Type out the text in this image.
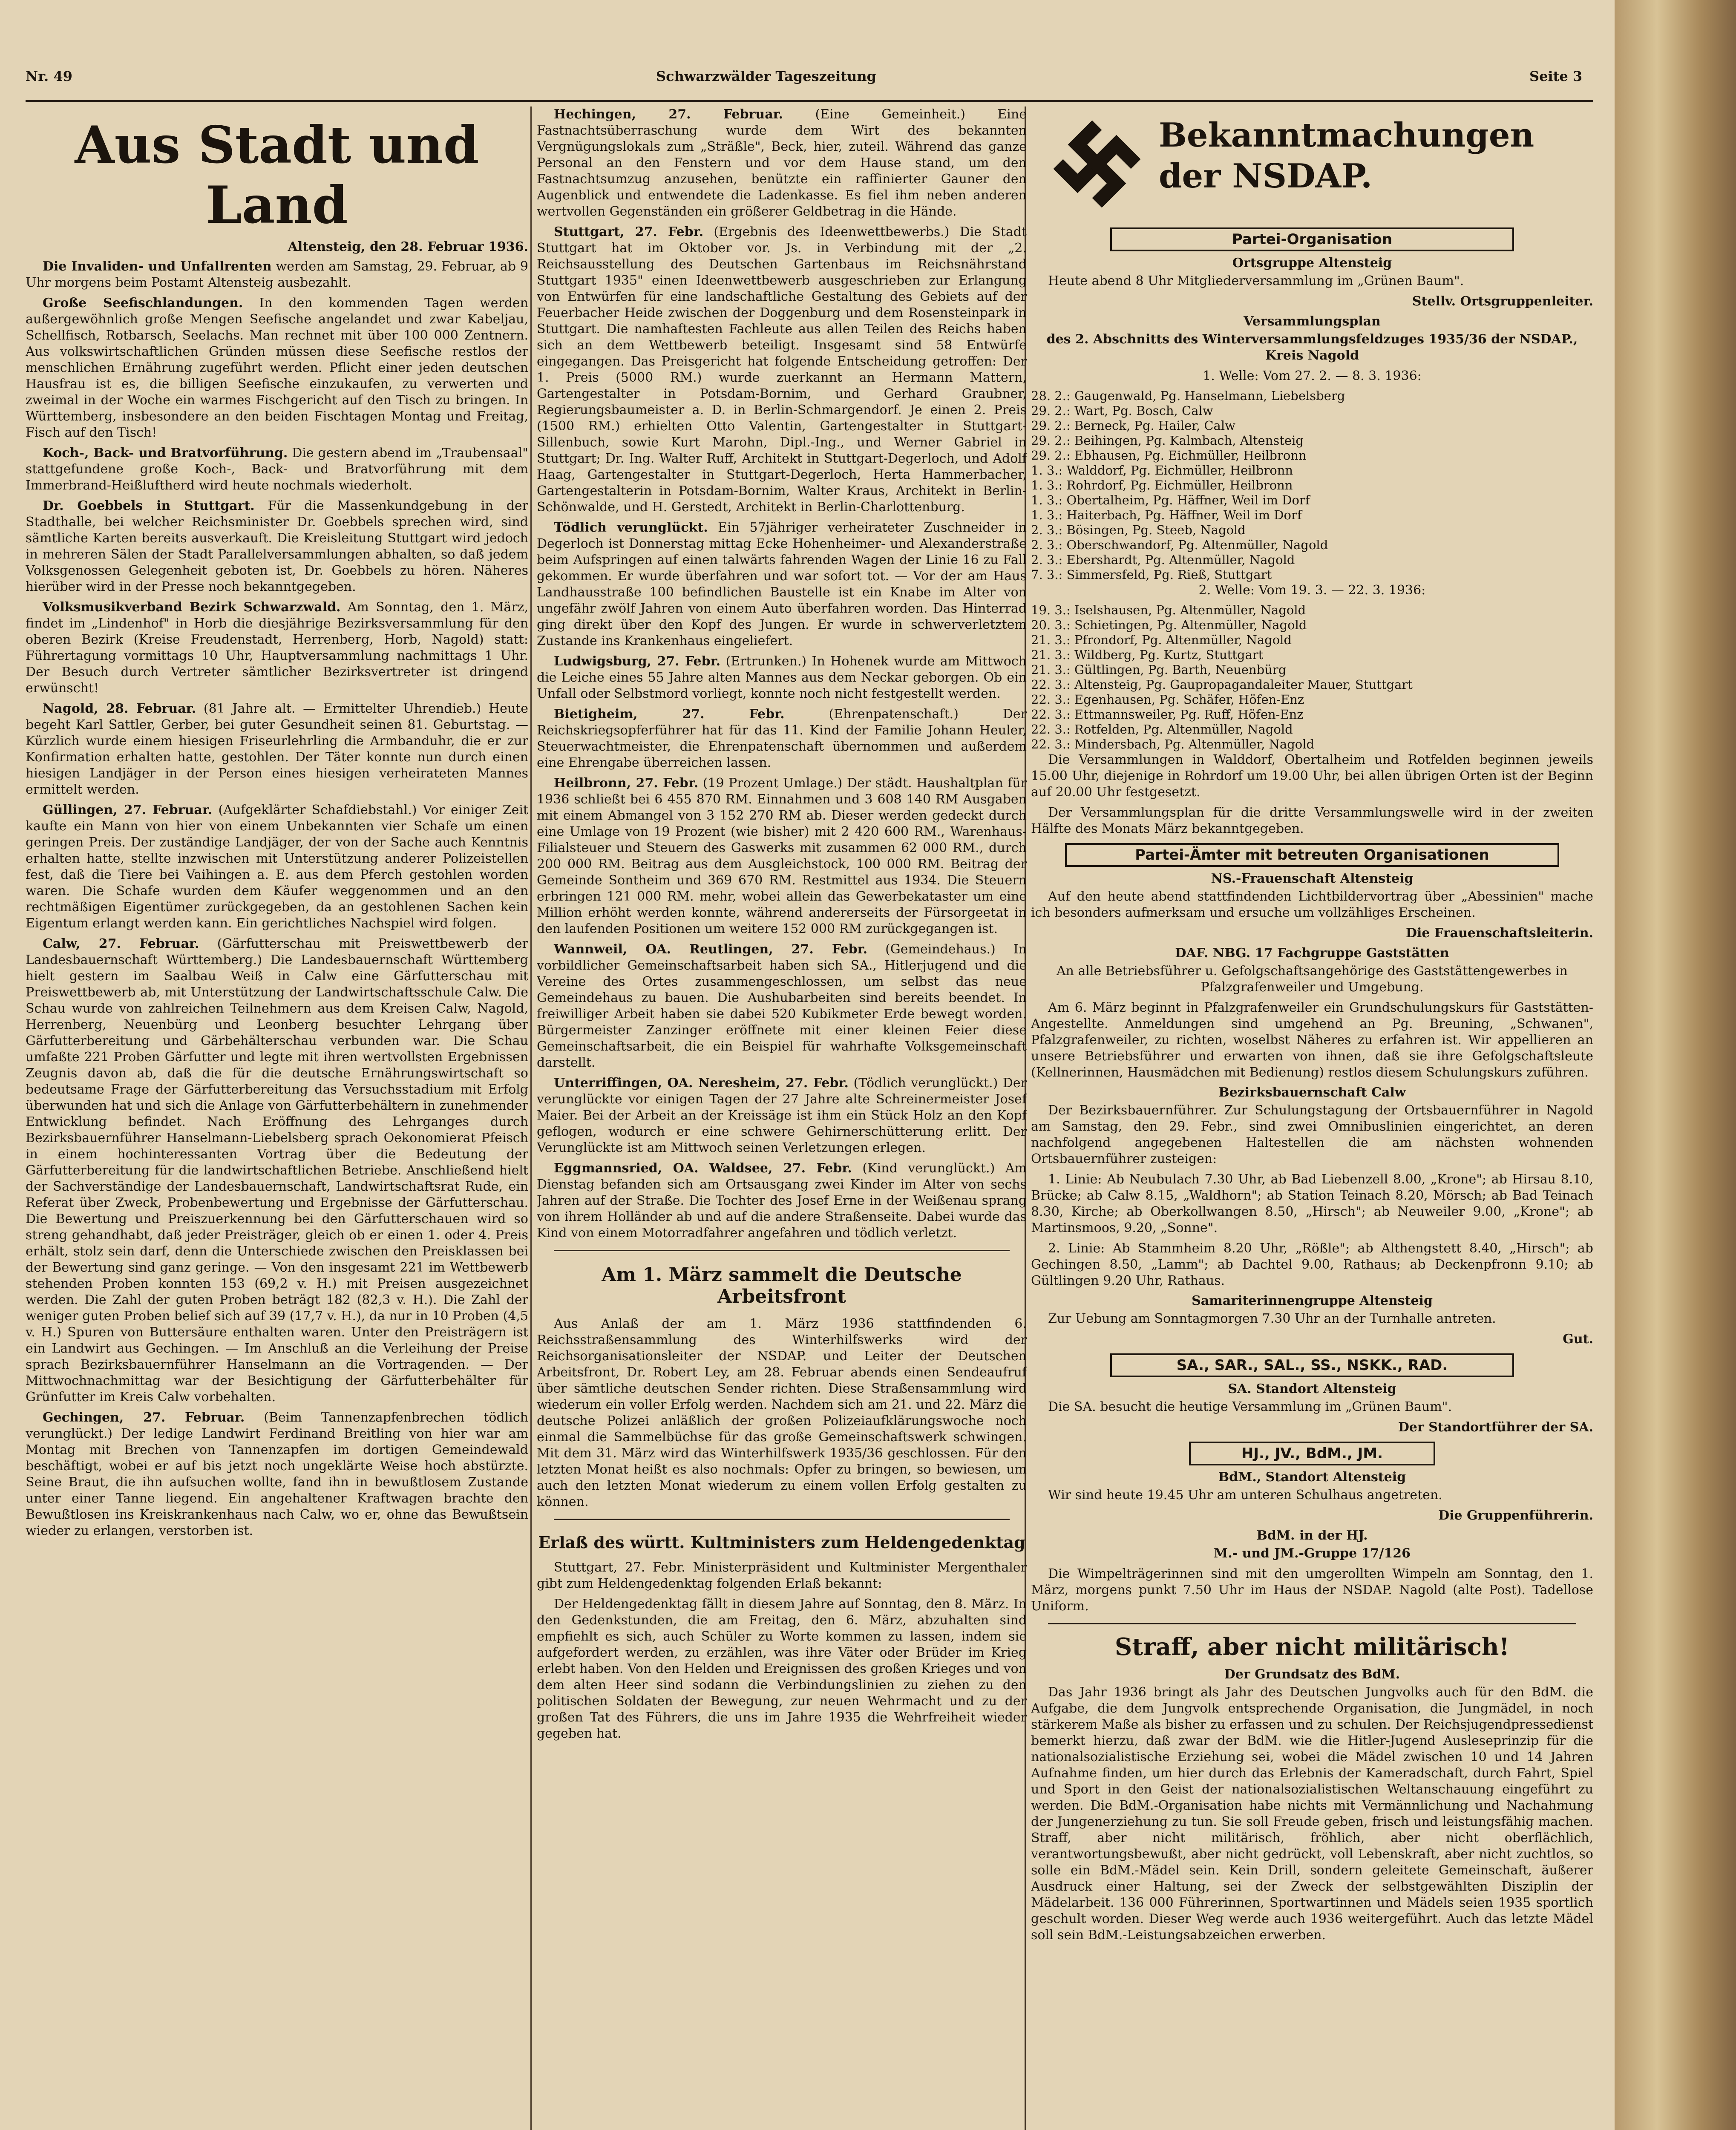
Nr. 49	Schwarzwälder Tageszeitung	Seite 3
Aus Stadt und Land
Altensteig, den 28. Februar 1936.

Die Invaliden- und Unfallrenten werden am Samstag, 29. Februar, ab 9 Uhr morgens beim Postamt Altensteig ausbezahlt.

Große Seefischlandungen. In den kommenden Tagen werden außergewöhnlich große Mengen Seefische angelandet und zwar Kabeljau, Schellfisch, Rotbarsch, Seelachs. Man rechnet mit über 100 000 Zentnern. Aus volkswirtschaftlichen Gründen müssen diese Seefische restlos der menschlichen Ernährung zugeführt werden. Pflicht einer jeden deutschen Hausfrau ist es, die billigen Seefische einzukaufen, zu verwerten und zweimal in der Woche ein warmes Fischgericht auf den Tisch zu bringen. In Württemberg, insbesondere an den beiden Fischtagen Montag und Freitag, Fisch auf den Tisch!

Koch-, Back- und Bratvorführung. Die gestern abend im „Traubensaal" stattgefundene große Koch-, Back- und Bratvorführung mit dem Immerbrand-Heißluftherd wird heute nochmals wiederholt.

Dr. Goebbels in Stuttgart. Für die Massenkundgebung in der Stadthalle, bei welcher Reichsminister Dr. Goebbels sprechen wird, sind sämtliche Karten bereits ausverkauft. Die Kreisleitung Stuttgart wird jedoch in mehreren Sälen der Stadt Parallelversammlungen abhalten, so daß jedem Volksgenossen Gelegenheit geboten ist, Dr. Goebbels zu hören. Näheres hierüber wird in der Presse noch bekanntgegeben.

Volksmusikverband Bezirk Schwarzwald. Am Sonntag, den 1. März, findet im „Lindenhof" in Horb die diesjährige Bezirksversammlung für den oberen Bezirk (Kreise Freudenstadt, Herrenberg, Horb, Nagold) statt: Führertagung vormittags 10 Uhr, Hauptversammlung nachmittags 1 Uhr. Der Besuch durch Vertreter sämtlicher Bezirksvertreter ist dringend erwünscht!

Nagold, 28. Februar. (81 Jahre alt. — Ermittelter Uhrendieb.) Heute begeht Karl Sattler, Gerber, bei guter Gesundheit seinen 81. Geburtstag. — Kürzlich wurde einem hiesigen Friseurlehrling die Armbanduhr, die er zur Konfirmation erhalten hatte, gestohlen. Der Täter konnte nun durch einen hiesigen Landjäger in der Person eines hiesigen verheirateten Mannes ermittelt werden.

Güllingen, 27. Februar. (Aufgeklärter Schafdiebstahl.) Vor einiger Zeit kaufte ein Mann von hier von einem Unbekannten vier Schafe um einen geringen Preis. Der zuständige Landjäger, der von der Sache auch Kenntnis erhalten hatte, stellte inzwischen mit Unterstützung anderer Polizeistellen fest, daß die Tiere bei Vaihingen a. E. aus dem Pferch gestohlen worden waren. Die Schafe wurden dem Käufer weggenommen und an den rechtmäßigen Eigentümer zurückgegeben, da an gestohlenen Sachen kein Eigentum erlangt werden kann. Ein gerichtliches Nachspiel wird folgen.

Calw, 27. Februar. (Gärfutterschau mit Preiswettbewerb der Landesbauernschaft Württemberg.) Die Landesbauernschaft Württemberg hielt gestern im Saalbau Weiß in Calw eine Gärfutterschau mit Preiswettbewerb ab, mit Unterstützung der Landwirtschaftsschule Calw. Die Schau wurde von zahlreichen Teilnehmern aus dem Kreisen Calw, Nagold, Herrenberg, Neuenbürg und Leonberg besuchter Lehrgang über Gärfutterbereitung und Gärbehälterschau verbunden war. Die Schau umfaßte 221 Proben Gärfutter und legte mit ihren wertvollsten Ergebnissen Zeugnis davon ab, daß die für die deutsche Ernährungswirtschaft so bedeutsame Frage der Gärfutterbereitung das Versuchsstadium mit Erfolg überwunden hat und sich die Anlage von Gärfutterbehältern in zunehmender Entwicklung befindet. Nach Eröffnung des Lehrganges durch Bezirksbauernführer Hanselmann-Liebelsberg sprach Oekonomierat Pfeisch in einem hochinteressanten Vortrag über die Bedeutung der Gärfutterbereitung für die landwirtschaftlichen Betriebe. Anschließend hielt der Sachverständige der Landesbauernschaft, Landwirtschaftsrat Rude, ein Referat über Zweck, Probenbewertung und Ergebnisse der Gärfutterschau. Die Bewertung und Preiszuerkennung bei den Gärfutterschauen wird so streng gehandhabt, daß jeder Preisträger, gleich ob er einen 1. oder 4. Preis erhält, stolz sein darf, denn die Unterschiede zwischen den Preisklassen bei der Bewertung sind ganz geringe. — Von den insgesamt 221 im Wettbewerb stehenden Proben konnten 153 (69,2 v. H.) mit Preisen ausgezeichnet werden. Die Zahl der guten Proben beträgt 182 (82,3 v. H.). Die Zahl der weniger guten Proben belief sich auf 39 (17,7 v. H.), da nur in 10 Proben (4,5 v. H.) Spuren von Buttersäure enthalten waren. Unter den Preisträgern ist ein Landwirt aus Gechingen. — Im Anschluß an die Verleihung der Preise sprach Bezirksbauernführer Hanselmann an die Vortragenden. — Der Mittwochnachmittag war der Besichtigung der Gärfutterbehälter für Grünfutter im Kreis Calw vorbehalten.

Gechingen, 27. Februar. (Beim Tannenzapfenbrechen tödlich verunglückt.) Der ledige Landwirt Ferdinand Breitling von hier war am Montag mit Brechen von Tannenzapfen im dortigen Gemeindewald beschäftigt, wobei er auf bis jetzt noch ungeklärte Weise hoch abstürzte. Seine Braut, die ihn aufsuchen wollte, fand ihn in bewußtlosem Zustande unter einer Tanne liegend. Ein angehaltener Kraftwagen brachte den Bewußtlosen ins Kreiskrankenhaus nach Calw, wo er, ohne das Bewußtsein wieder zu erlangen, verstorben ist.

Hechingen, 27. Februar.	(Eine Gemeinheit.) Eine Fastnachtsüberraschung wurde dem Wirt des bekannten Vergnügungslokals zum „Sträßle", Beck, hier, zuteil. Während das ganze Personal an den Fenstern und vor dem Hause stand, um den Fastnachtsumzug anzusehen, benützte ein raffinierter Gauner den Augenblick und entwendete die Ladenkasse. Es fiel ihm neben anderen wertvollen Gegenständen ein größerer Geldbetrag in die Hände.

Stuttgart, 27. Febr. (Ergebnis des Ideenwettbewerbs.) Die Stadt Stuttgart hat im Oktober vor. Js. in Verbindung mit der „2. Reichsausstellung des Deutschen Gartenbaus im Reichsnährstand Stuttgart 1935" einen Ideenwettbewerb ausgeschrieben zur Erlangung von Entwürfen für eine landschaftliche Gestaltung des Gebiets auf der Feuerbacher Heide zwischen der Doggenburg und dem Rosensteinpark in Stuttgart. Die namhaftesten Fachleute aus allen Teilen des Reichs haben sich an dem Wettbewerb beteiligt. Insgesamt sind 58 Entwürfe eingegangen. Das Preisgericht hat folgende Entscheidung getroffen: Der 1. Preis (5000 RM.) wurde zuerkannt an Hermann Mattern, Gartengestalter in Potsdam-Bornim, und Gerhard Graubner, Regierungsbaumeister a. D. in Berlin-Schmargendorf. Je einen 2. Preis (1500 RM.) erhielten Otto Valentin, Gartengestalter in Stuttgart-Sillenbuch, sowie Kurt Marohn, Dipl.-Ing., und Werner Gabriel in Stuttgart; Dr. Ing. Walter Ruff, Architekt in Stuttgart-Degerloch, und Adolf Haag, Gartengestalter in Stuttgart-Degerloch, Herta Hammerbacher, Gartengestalterin in Potsdam-Bornim, Walter Kraus, Architekt in Berlin-Schönwalde, und H. Gerstedt, Architekt in Berlin-Charlottenburg.

Tödlich verunglückt. Ein 57jähriger verheirateter Zuschneider in Degerloch ist Donnerstag mittag Ecke Hohenheimer- und Alexanderstraße beim Aufspringen auf einen talwärts fahrenden Wagen der Linie 16 zu Fall gekommen. Er wurde überfahren und war sofort tot. — Vor der am Haus Landhausstraße 100 befindlichen Baustelle ist ein Knabe im Alter von ungefähr zwölf Jahren von einem Auto überfahren worden. Das Hinterrad ging direkt über den Kopf des Jungen. Er wurde in schwerverletztem Zustande ins Krankenhaus eingeliefert.

Ludwigsburg, 27. Febr. (Ertrunken.) In Hohenek wurde am Mittwoch die Leiche eines 55 Jahre alten Mannes aus dem Neckar geborgen. Ob ein Unfall oder Selbstmord vorliegt, konnte noch nicht festgestellt werden.

Bietigheim, 27. Febr.	(Ehrenpatenschaft.) Der Reichskriegsopferführer hat für das 11. Kind der Familie Johann Heuler, Steuerwachtmeister, die Ehrenpatenschaft übernommen und außerdem eine Ehrengabe überreichen lassen.

Heilbronn, 27. Febr. (19 Prozent Umlage.) Der städt. Haushaltplan für 1936 schließt bei 6 455 870 RM. Einnahmen und 3 608 140 RM Ausgaben mit einem Abmangel von 3 152 270 RM ab. Dieser werden gedeckt durch eine Umlage von 19 Prozent (wie bisher) mit 2 420 600 RM., Warenhaus-Filialsteuer und Steuern des Gaswerks mit zusammen 62 000 RM., durch 200 000 RM. Beitrag aus dem Ausgleichstock, 100 000 RM. Beitrag der Gemeinde Sontheim und 369 670 RM. Restmittel aus 1934. Die Steuern erbringen 121 000 RM. mehr, wobei allein das Gewerbekataster um eine Million erhöht werden konnte, während andererseits der Fürsorgeetat in den laufenden Positionen um weitere 152 000 RM zurückgegangen ist.

Wannweil, OA. Reutlingen, 27. Febr. (Gemeindehaus.) In vorbildlicher Gemeinschaftsarbeit haben sich SA., Hitlerjugend und die Vereine des Ortes zusammengeschlossen, um selbst das neue Gemeindehaus zu bauen. Die Aushubarbeiten sind bereits beendet. In freiwilliger Arbeit haben sie dabei 520 Kubikmeter Erde bewegt worden. Bürgermeister Zanzinger eröffnete mit einer kleinen Feier diese Gemeinschaftsarbeit, die ein Beispiel für wahrhafte Volksgemeinschaft darstellt.

Unterriffingen, OA. Neresheim, 27. Febr. (Tödlich verunglückt.) Der verunglückte vor einigen Tagen der 27 Jahre alte Schreinermeister Josef Maier. Bei der Arbeit an der Kreissäge ist ihm ein Stück Holz an den Kopf geflogen, wodurch er eine schwere Gehirnerschütterung erlitt. Der Verunglückte ist am Mittwoch seinen Verletzungen erlegen.

Eggmannsried, OA. Waldsee, 27. Febr. (Kind verunglückt.) Am Dienstag befanden sich am Ortsausgang zwei Kinder im Alter von sechs Jahren auf der Straße. Die Tochter des Josef Erne in der Weißenau sprang von ihrem Holländer ab und auf die andere Straßenseite. Dabei wurde das Kind von einem Motorradfahrer angefahren und tödlich verletzt.

Am 1. März sammelt die Deutsche Arbeitsfront

Aus Anlaß der am 1. März 1936 stattfindenden 6. Reichsstraßensammlung des Winterhilfswerks wird der Reichsorganisationsleiter der NSDAP. und Leiter der Deutschen Arbeitsfront, Dr. Robert Ley, am 28. Februar abends einen Sendeaufruf über sämtliche deutschen Sender richten. Diese Straßensammlung wird wiederum ein voller Erfolg werden. Nachdem sich am 21. und 22. März die deutsche Polizei anläßlich der großen Polizeiaufklärungswoche noch einmal die Sammelbüchse für das große Gemeinschaftswerk schwingen. Mit dem 31. März wird das Winterhilfswerk 1935/36 geschlossen. Für den letzten Monat heißt es also nochmals: Opfer zu bringen, so bewiesen, um auch den letzten Monat wiederum zu einem vollen Erfolg gestalten zu können.

Erlaß des württ. Kultministers zum Heldengedenktag

Stuttgart, 27. Febr. Ministerpräsident und Kultminister Mergenthaler gibt zum Heldengedenktag folgenden Erlaß bekannt:

Der Heldengedenktag fällt in diesem Jahre auf Sonntag, den 8. März. In den Gedenkstunden, die am Freitag, den 6. März, abzuhalten sind empfiehlt es sich, auch Schüler zu Worte kommen zu lassen, indem sie aufgefordert werden, zu erzählen, was ihre Väter oder Brüder im Krieg erlebt haben. Von den Helden und Ereignissen des großen Krieges und von dem alten Heer sind sodann die Verbindungslinien zu ziehen zu den politischen Soldaten der Bewegung, zur neuen Wehrmacht und zu der großen Tat des Führers, die uns im Jahre 1935 die Wehrfreiheit wieder gegeben hat.

Bekanntmachungen
der NSDAP.
Partei-Organisation
Ortsgruppe Altensteig

Heute abend 8 Uhr Mitgliederversammlung im „Grünen Baum".

Stellv. Ortsgruppenleiter.

Versammlungsplan

des 2. Abschnitts des Winterversammlungsfeldzuges 1935/36 der NSDAP., Kreis Nagold

1. Welle: Vom 27. 2. — 8. 3. 1936:

28. 2.: Gaugenwald, Pg. Hanselmann, Liebelsberg
29. 2.: Wart, Pg. Bosch, Calw
29. 2.: Berneck, Pg. Hailer, Calw
29. 2.: Beihingen, Pg. Kalmbach, Altensteig
29. 2.: Ebhausen, Pg. Eichmüller, Heilbronn
1. 3.: Walddorf, Pg. Eichmüller, Heilbronn
1. 3.: Rohrdorf, Pg. Eichmüller, Heilbronn
1. 3.: Obertalheim, Pg. Häffner, Weil im Dorf
1. 3.: Haiterbach, Pg. Häffner, Weil im Dorf
2. 3.: Bösingen, Pg. Steeb, Nagold
2. 3.: Oberschwandorf, Pg. Altenmüller, Nagold
2. 3.: Ebershardt, Pg. Altenmüller, Nagold
7. 3.: Simmersfeld, Pg. Rieß, Stuttgart

2. Welle: Vom 19. 3. — 22. 3. 1936:

19. 3.: Iselshausen, Pg. Altenmüller, Nagold
20. 3.: Schietingen, Pg. Altenmüller, Nagold
21. 3.: Pfrondorf, Pg. Altenmüller, Nagold
21. 3.: Wildberg, Pg. Kurtz, Stuttgart
21. 3.: Gültlingen, Pg. Barth, Neuenbürg
22. 3.: Altensteig, Pg. Gaupropagandaleiter Mauer, Stuttgart
22. 3.: Egenhausen, Pg. Schäfer, Höfen-Enz
22. 3.: Ettmannsweiler, Pg. Ruff, Höfen-Enz
22. 3.: Rotfelden, Pg. Altenmüller, Nagold
22. 3.: Mindersbach, Pg. Altenmüller, Nagold

Die Versammlungen in Walddorf, Obertalheim und Rotfelden beginnen jeweils 15.00 Uhr, diejenige in Rohrdorf um 19.00 Uhr, bei allen übrigen Orten ist der Beginn auf 20.00 Uhr festgesetzt.

Der Versammlungsplan für die dritte Versammlungswelle wird in der zweiten Hälfte des Monats März bekanntgegeben.

Partei-Ämter mit betreuten Organisationen
NS.-Frauenschaft Altensteig

Auf den heute abend stattfindenden Lichtbildervortrag über „Abessinien" mache ich besonders aufmerksam und ersuche um vollzähliges Erscheinen.

Die Frauenschaftsleiterin.

DAF. NBG. 17 Fachgruppe Gaststätten

An alle Betriebsführer u. Gefolgschaftsangehörige des Gaststättengewerbes in Pfalzgrafenweiler und Umgebung.

Am 6. März beginnt in Pfalzgrafenweiler ein Grundschulungskurs für Gaststätten-Angestellte. Anmeldungen sind umgehend an Pg. Breuning, „Schwanen", Pfalzgrafenweiler, zu richten, woselbst Näheres zu erfahren ist. Wir appellieren an unsere Betriebsführer und erwarten von ihnen, daß sie ihre Gefolgschaftsleute (Kellnerinnen, Hausmädchen mit Bedienung) restlos diesem Schulungskurs zuführen.

Bezirksbauernschaft Calw

Der Bezirksbauernführer. Zur Schulungstagung der Ortsbauernführer in Nagold am Samstag, den 29. Febr., sind zwei Omnibuslinien eingerichtet, an deren nachfolgend angegebenen Haltestellen die am nächsten wohnenden Ortsbauernführer zusteigen:

1. Linie: Ab Neubulach 7.30 Uhr, ab Bad Liebenzell 8.00, „Krone"; ab Hirsau 8.10, Brücke; ab Calw 8.15, „Waldhorn"; ab Station Teinach 8.20, Mörsch; ab Bad Teinach 8.30, Kirche; ab Oberkollwangen 8.50, „Hirsch"; ab Neuweiler 9.00, „Krone"; ab Martinsmoos, 9.20, „Sonne".

2. Linie: Ab Stammheim 8.20 Uhr, „Rößle"; ab Althengstett 8.40, „Hirsch"; ab Gechingen 8.50, „Lamm"; ab Dachtel 9.00, Rathaus; ab Deckenpfronn 9.10; ab Gültlingen 9.20 Uhr, Rathaus.

Samariterinnengruppe Altensteig

Zur Uebung am Sonntagmorgen 7.30 Uhr an der Turnhalle antreten.

Gut.

SA., SAR., SAL., SS., NSKK., RAD.
SA. Standort Altensteig

Die SA. besucht die heutige Versammlung im „Grünen Baum".

Der Standortführer der SA.

HJ., JV., BdM., JM.
BdM., Standort Altensteig

Wir sind heute 19.45 Uhr am unteren Schulhaus angetreten.

Die Gruppenführerin.

BdM. in der HJ.

M.- und JM.-Gruppe 17/126

Die Wimpelträgerinnen sind mit den umgerollten Wimpeln am Sonntag, den 1. März, morgens punkt 7.50 Uhr im Haus der NSDAP. Nagold (alte Post). Tadellose Uniform.

Straff, aber nicht militärisch!
Der Grundsatz des BdM.

Das Jahr 1936 bringt als Jahr des Deutschen Jungvolks auch für den BdM. die Aufgabe, die dem Jungvolk entsprechende Organisation, die Jungmädel, in noch stärkerem Maße als bisher zu erfassen und zu schulen. Der Reichsjugendpressedienst bemerkt hierzu, daß zwar der BdM. wie die Hitler-Jugend Ausleseprinzip für die nationalsozialistische Erziehung sei, wobei die Mädel zwischen 10 und 14 Jahren Aufnahme finden, um hier durch das Erlebnis der Kameradschaft, durch Fahrt, Spiel und Sport in den Geist der nationalsozialistischen Weltanschauung eingeführt zu werden. Die BdM.-Organisation habe nichts mit Vermännlichung und Nachahmung der Jungenerziehung zu tun. Sie soll Freude geben, frisch und leistungsfähig machen. Straff, aber nicht militärisch, fröhlich, aber nicht oberflächlich, verantwortungsbewußt, aber nicht gedrückt, voll Lebenskraft, aber nicht zuchtlos, so solle ein BdM.-Mädel sein. Kein Drill, sondern geleitete Gemeinschaft, äußerer Ausdruck einer Haltung, sei der Zweck der selbstgewählten Disziplin der Mädelarbeit. 136 000 Führerinnen, Sportwartinnen und Mädels seien 1935 sportlich geschult worden. Dieser Weg werde auch 1936 weitergeführt. Auch das letzte Mädel soll sein BdM.-Leistungsabzeichen erwerben.
